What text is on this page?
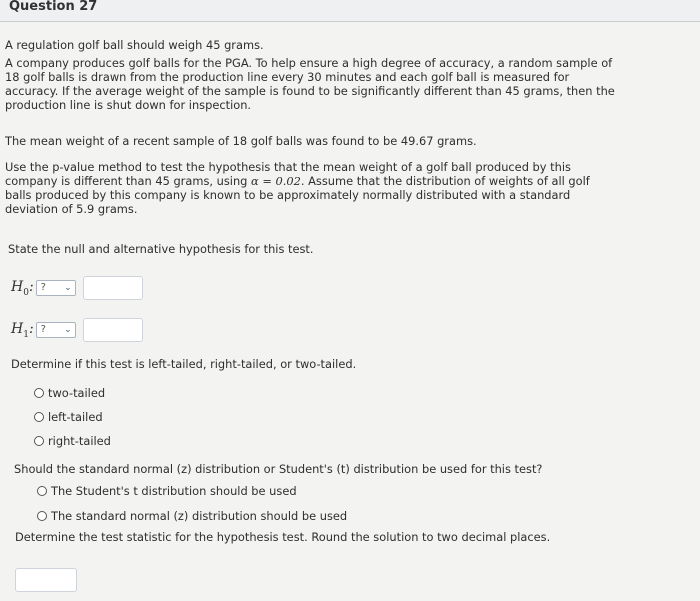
Question 27
A regulation golf ball should weigh 45 grams.
A company produces golf balls for the PGA. To help ensure a high degree of accuracy, a random sample of
18 golf balls is drawn from the production line every 30 minutes and each golf ball is measured for
accuracy. If the average weight of the sample is found to be significantly different than 45 grams, then the
production line is shut down for inspection.
The mean weight of a recent sample of 18 golf balls was found to be 49.67 grams.
Use the p-value method to test the hypothesis that the mean weight of a golf ball produced by this
company is different than 45 grams, using α = 0.02. Assume that the distribution of weights of all golf
balls produced by this company is known to be approximately normally distributed with a standard
deviation of 5.9 grams.
State the null and alternative hypothesis for this test.
$H_0$: ? ⌄
$H_1$: ? ⌄
Determine if this test is left-tailed, right-tailed, or two-tailed.
two-tailed
left-tailed
right-tailed
Should the standard normal (z) distribution or Student's (t) distribution be used for this test?
The Student's t distribution should be used
The standard normal (z) distribution should be used
Determine the test statistic for the hypothesis test. Round the solution to two decimal places.
